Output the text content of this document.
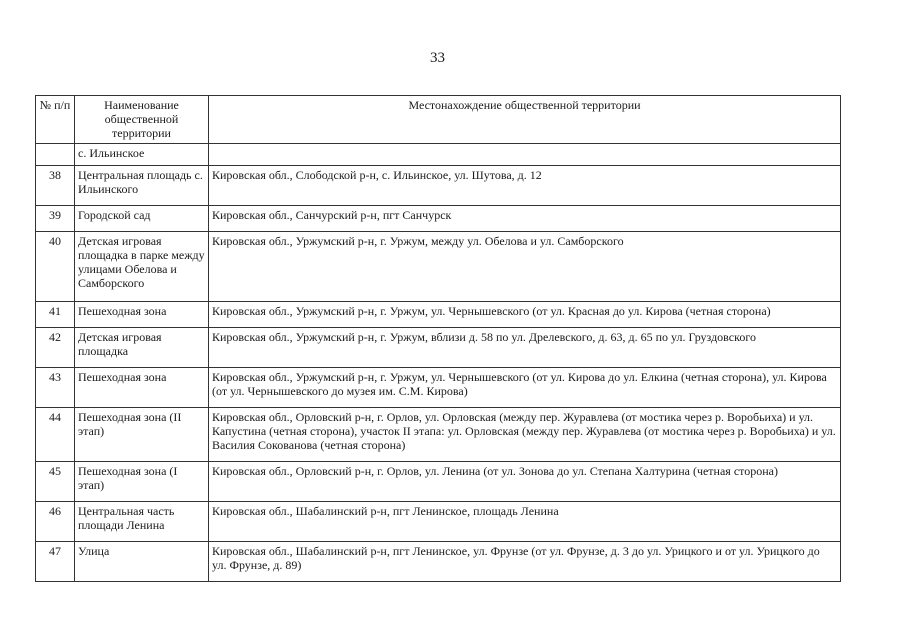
33
№ п/п	Наименование общественной территории	Местонахождение общественной территории
	с. Ильинское	
38	Центральная площадь с. Ильинского	Кировская обл., Слободской р-н, с. Ильинское, ул. Шутова, д. 12
39	Городской сад	Кировская обл., Санчурский р-н, пгт Санчурск
40	Детская игровая площадка в парке между улицами Обелова и Самборского	Кировская обл., Уржумский р-н, г. Уржум, между ул. Обелова и ул. Самборского
41	Пешеходная зона	Кировская обл., Уржумский р-н, г. Уржум, ул. Чернышевского (от ул. Красная до ул. Кирова (четная сторона)
42	Детская игровая площадка	Кировская обл., Уржумский р-н, г. Уржум, вблизи д. 58 по ул. Дрелевского, д. 63, д. 65 по ул. Груздовского
43	Пешеходная зона	Кировская обл., Уржумский р-н, г. Уржум, ул. Чернышевского (от ул. Кирова до ул. Елкина (четная сторона), ул. Кирова (от ул. Чернышевского до музея им. С.М. Кирова)
44	Пешеходная зона (II этап)	Кировская обл., Орловский р-н, г. Орлов, ул. Орловская (между пер. Журавлева (от мостика через р. Воробьиха) и ул. Капустина (четная сторона), участок II этапа: ул. Орловская (между пер. Журавлева (от мостика через р. Воробьиха) и ул. Василия Сокованова (четная сторона)
45	Пешеходная зона (I этап)	Кировская обл., Орловский р-н, г. Орлов, ул. Ленина (от ул. Зонова до ул. Степана Халтурина (четная сторона)
46	Центральная часть площади Ленина	Кировская обл., Шабалинский р-н, пгт Ленинское, площадь Ленина
47	Улица	Кировская обл., Шабалинский р-н, пгт Ленинское, ул. Фрунзе (от ул. Фрунзе, д. 3 до ул. Урицкого и от ул. Урицкого до ул. Фрунзе, д. 89)
